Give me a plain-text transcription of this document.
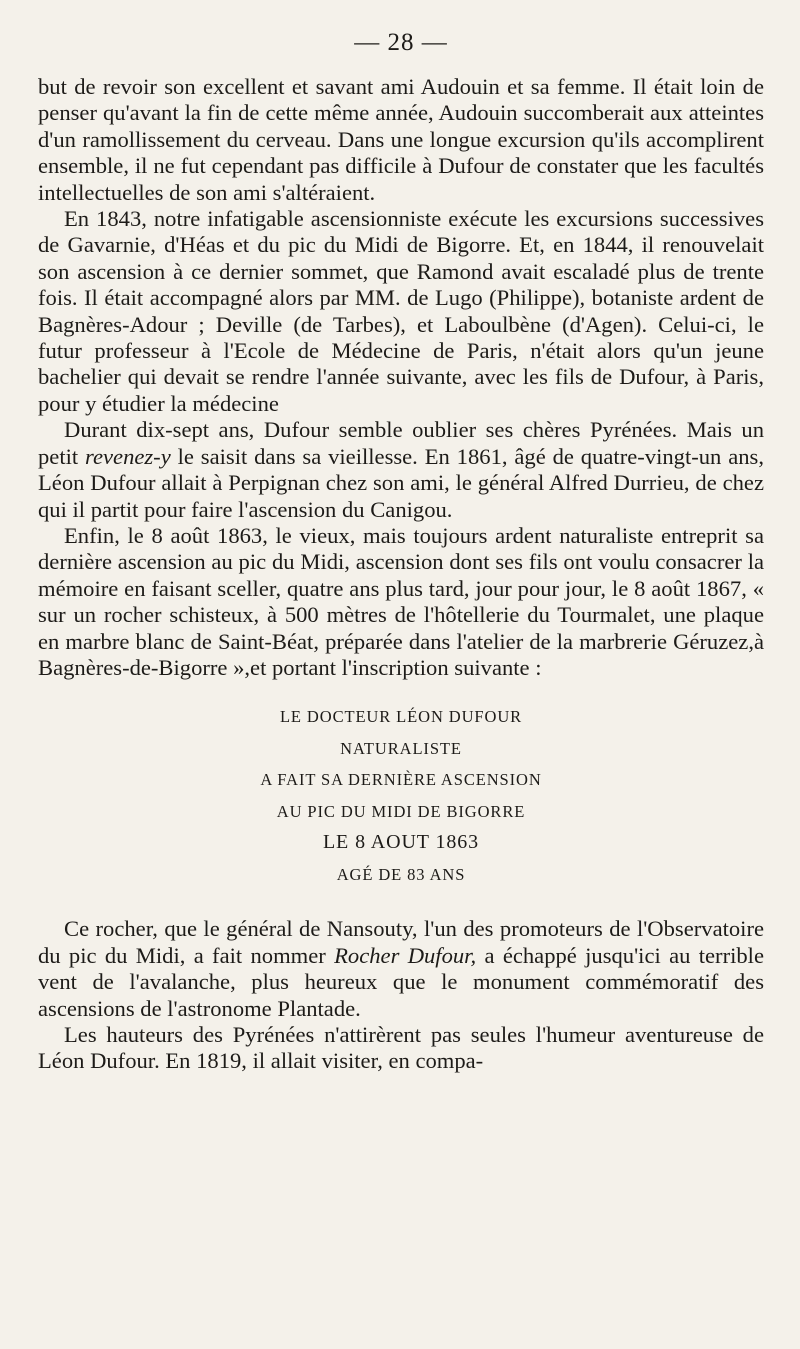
— 28 —

but de revoir son excellent et savant ami Audouin et sa femme. Il était loin de penser qu'avant la fin de cette même année, Audouin succomberait aux atteintes d'un ramollissement du cerveau. Dans une longue excursion qu'ils accomplirent ensemble, il ne fut cependant pas difficile à Dufour de constater que les facultés intellectuelles de son ami s'altéraient.

En 1843, notre infatigable ascensionniste exécute les excursions successives de Gavarnie, d'Héas et du pic du Midi de Bigorre. Et, en 1844, il renouvelait son ascension à ce dernier sommet, que Ramond avait escaladé plus de trente fois. Il était accompagné alors par MM. de Lugo (Philippe), botaniste ardent de Bagnères-Adour ; Deville (de Tarbes), et Laboulbène (d'Agen). Celui-ci, le futur professeur à l'Ecole de Médecine de Paris, n'était alors qu'un jeune bachelier qui devait se rendre l'année suivante, avec les fils de Dufour, à Paris, pour y étudier la médecine

Durant dix-sept ans, Dufour semble oublier ses chères Pyrénées. Mais un petit revenez-y le saisit dans sa vieillesse. En 1861, âgé de quatre-vingt-un ans, Léon Dufour allait à Perpignan chez son ami, le général Alfred Durrieu, de chez qui il partit pour faire l'ascension du Canigou.

Enfin, le 8 août 1863, le vieux, mais toujours ardent naturaliste entreprit sa dernière ascension au pic du Midi, ascension dont ses fils ont voulu consacrer la mémoire en faisant sceller, quatre ans plus tard, jour pour jour, le 8 août 1867, « sur un rocher schisteux, à 500 mètres de l'hôtellerie du Tourmalet, une plaque en marbre blanc de Saint-Béat, préparée dans l'atelier de la marbrerie Géruzez,à Bagnères-de-Bigorre »,et portant l'inscription suivante :

LE DOCTEUR LÉON DUFOUR
NATURALISTE
A FAIT SA DERNIÈRE ASCENSION
AU PIC DU MIDI DE BIGORRE
LE 8 AOUT 1863
AGÉ DE 83 ANS

Ce rocher, que le général de Nansouty, l'un des promoteurs de l'Observatoire du pic du Midi, a fait nommer Rocher Dufour, a échappé jusqu'ici au terrible vent de l'avalanche, plus heureux que le monument commémoratif des ascensions de l'astronome Plantade.

Les hauteurs des Pyrénées n'attirèrent pas seules l'humeur aventureuse de Léon Dufour. En 1819, il allait visiter, en compa-
